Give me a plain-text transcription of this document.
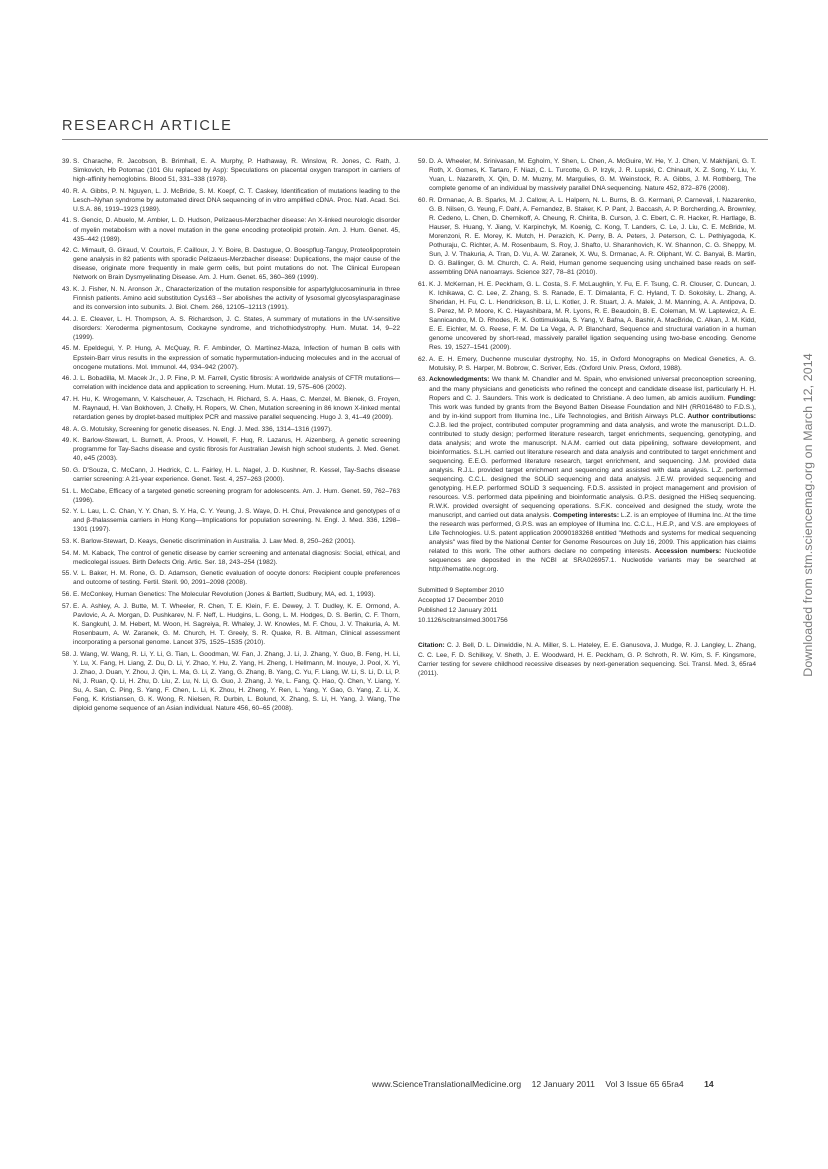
RESEARCH ARTICLE
39. S. Charache, R. Jacobson, B. Brimhall, E. A. Murphy, P. Hathaway, R. Winslow, R. Jones, C. Rath, J. Simkovich, Hb Potomac (101 Glu replaced by Asp): Speculations on placental oxygen transport in carriers of high-affinity hemoglobins. Blood 51, 331–338 (1978).
40. R. A. Gibbs, P. N. Nguyen, L. J. McBride, S. M. Koepf, C. T. Caskey, Identification of mutations leading to the Lesch–Nyhan syndrome by automated direct DNA sequencing of in vitro amplified cDNA. Proc. Natl. Acad. Sci. U.S.A. 86, 1919–1923 (1989).
41. S. Gencic, D. Abuelo, M. Ambler, L. D. Hudson, Pelizaeus-Merzbacher disease: An X-linked neurologic disorder of myelin metabolism with a novel mutation in the gene encoding proteolipid protein. Am. J. Hum. Genet. 45, 435–442 (1989).
42. C. Mimault, G. Giraud, V. Courtois, F. Cailloux, J. Y. Boire, B. Dastugue, O. Boespflug-Tanguy, Proteolipoprotein gene analysis in 82 patients with sporadic Pelizaeus-Merzbacher disease: Duplications, the major cause of the disease, originate more frequently in male germ cells, but point mutations do not. The Clinical European Network on Brain Dysmyelinating Disease. Am. J. Hum. Genet. 65, 360–369 (1999).
43. K. J. Fisher, N. N. Aronson Jr., Characterization of the mutation responsible for aspartylglucosaminuria in three Finnish patients. Amino acid substitution Cys163→Ser abolishes the activity of lysosomal glycosylasparaginase and its conversion into subunits. J. Biol. Chem. 266, 12105–12113 (1991).
44. J. E. Cleaver, L. H. Thompson, A. S. Richardson, J. C. States, A summary of mutations in the UV-sensitive disorders: Xeroderma pigmentosum, Cockayne syndrome, and trichothiodystrophy. Hum. Mutat. 14, 9–22 (1999).
45. M. Epeldegui, Y. P. Hung, A. McQuay, R. F. Ambinder, O. Martínez-Maza, Infection of human B cells with Epstein-Barr virus results in the expression of somatic hypermutation-inducing molecules and in the accrual of oncogene mutations. Mol. Immunol. 44, 934–942 (2007).
46. J. L. Bobadilla, M. Macek Jr., J. P. Fine, P. M. Farrell, Cystic fibrosis: A worldwide analysis of CFTR mutations—correlation with incidence data and application to screening. Hum. Mutat. 19, 575–606 (2002).
47. H. Hu, K. Wrogemann, V. Kalscheuer, A. Tzschach, H. Richard, S. A. Haas, C. Menzel, M. Bienek, G. Froyen, M. Raynaud, H. Van Bokhoven, J. Chelly, H. Ropers, W. Chen, Mutation screening in 86 known X-linked mental retardation genes by droplet-based multiplex PCR and massive parallel sequencing. Hugo J. 3, 41–49 (2009).
48. A. G. Motulsky, Screening for genetic diseases. N. Engl. J. Med. 336, 1314–1316 (1997).
49. K. Barlow-Stewart, L. Burnett, A. Proos, V. Howell, F. Huq, R. Lazarus, H. Aizenberg, A genetic screening programme for Tay-Sachs disease and cystic fibrosis for Australian Jewish high school students. J. Med. Genet. 40, e45 (2003).
50. G. D'Souza, C. McCann, J. Hedrick, C. L. Fairley, H. L. Nagel, J. D. Kushner, R. Kessel, Tay-Sachs disease carrier screening: A 21-year experience. Genet. Test. 4, 257–263 (2000).
51. L. McCabe, Efficacy of a targeted genetic screening program for adolescents. Am. J. Hum. Genet. 59, 762–763 (1996).
52. Y. L. Lau, L. C. Chan, Y. Y. Chan, S. Y. Ha, C. Y. Yeung, J. S. Waye, D. H. Chui, Prevalence and genotypes of α and β-thalassemia carriers in Hong Kong—Implications for population screening. N. Engl. J. Med. 336, 1298–1301 (1997).
53. K. Barlow-Stewart, D. Keays, Genetic discrimination in Australia. J. Law Med. 8, 250–262 (2001).
54. M. M. Kaback, The control of genetic disease by carrier screening and antenatal diagnosis: Social, ethical, and medicolegal issues. Birth Defects Orig. Artic. Ser. 18, 243–254 (1982).
55. V. L. Baker, H. M. Rone, G. D. Adamson, Genetic evaluation of oocyte donors: Recipient couple preferences and outcome of testing. Fertil. Steril. 90, 2091–2098 (2008).
56. E. McConkey, Human Genetics: The Molecular Revolution (Jones & Bartlett, Sudbury, MA, ed. 1, 1993).
57. E. A. Ashley, A. J. Butte, M. T. Wheeler, R. Chen, T. E. Klein, F. E. Dewey, J. T. Dudley, K. E. Ormond, A. Pavlovic, A. A. Morgan, D. Pushkarev, N. F. Neff, L. Hudgins, L. Gong, L. M. Hodges, D. S. Berlin, C. F. Thorn, K. Sangkuhl, J. M. Hebert, M. Woon, H. Sagreiya, R. Whaley, J. W. Knowles, M. F. Chou, J. V. Thakuria, A. M. Rosenbaum, A. W. Zaranek, G. M. Church, H. T. Greely, S. R. Quake, R. B. Altman, Clinical assessment incorporating a personal genome. Lancet 375, 1525–1535 (2010).
58. J. Wang, W. Wang, R. Li, Y. Li, G. Tian, L. Goodman, W. Fan, J. Zhang, J. Li, J. Zhang, Y. Guo, B. Feng, H. Li, Y. Lu, X. Fang, H. Liang, Z. Du, D. Li, Y. Zhao, Y. Hu, Z. Yang, H. Zheng, I. Hellmann, M. Inouye, J. Pool, X. Yi, J. Zhao, J. Duan, Y. Zhou, J. Qin, L. Ma, G. Li, Z. Yang, G. Zhang, B. Yang, C. Yu, F. Liang, W. Li, S. Li, D. Li, P. Ni, J. Ruan, Q. Li, H. Zhu, D. Liu, Z. Lu, N. Li, G. Guo, J. Zhang, J. Ye, L. Fang, Q. Hao, Q. Chen, Y. Liang, Y. Su, A. San, C. Ping, S. Yang, F. Chen, L. Li, K. Zhou, H. Zheng, Y. Ren, L. Yang, Y. Gao, G. Yang, Z. Li, X. Feng, K. Kristiansen, G. K. Wong, R. Nielsen, R. Durbin, L. Bolund, X. Zhang, S. Li, H. Yang, J. Wang, The diploid genome sequence of an Asian individual. Nature 456, 60–65 (2008).
59. D. A. Wheeler, M. Srinivasan, M. Egholm, Y. Shen, L. Chen, A. McGuire, W. He, Y. J. Chen, V. Makhijani, G. T. Roth, X. Gomes, K. Tartaro, F. Niazi, C. L. Turcotte, G. P. Irzyk, J. R. Lupski, C. Chinault, X. Z. Song, Y. Liu, Y. Yuan, L. Nazareth, X. Qin, D. M. Muzny, M. Margulies, G. M. Weinstock, R. A. Gibbs, J. M. Rothberg, The complete genome of an individual by massively parallel DNA sequencing. Nature 452, 872–876 (2008).
60. R. Drmanac, A. B. Sparks, M. J. Callow, A. L. Halpern, N. L. Burns, B. G. Kermani, P. Carnevali, I. Nazarenko, G. B. Nilsen, G. Yeung, F. Dahl, A. Fernandez, B. Staker, K. P. Pant, J. Baccash, A. P. Borcherding, A. Brownley, R. Cedeno, L. Chen, D. Chernikoff, A. Cheung, R. Chirita, B. Curson, J. C. Ebert, C. R. Hacker, R. Hartlage, B. Hauser, S. Huang, Y. Jiang, V. Karpinchyk, M. Koenig, C. Kong, T. Landers, C. Le, J. Liu, C. E. McBride, M. Morenzoni, R. E. Morey, K. Mutch, H. Perazich, K. Perry, B. A. Peters, J. Peterson, C. L. Pethiyagoda, K. Pothuraju, C. Richter, A. M. Rosenbaum, S. Roy, J. Shafto, U. Sharanhovich, K. W. Shannon, C. G. Sheppy, M. Sun, J. V. Thakuria, A. Tran, D. Vu, A. W. Zaranek, X. Wu, S. Drmanac, A. R. Oliphant, W. C. Banyai, B. Martin, D. G. Ballinger, G. M. Church, C. A. Reid, Human genome sequencing using unchained base reads on self-assembling DNA nanoarrays. Science 327, 78–81 (2010).
61. K. J. McKernan, H. E. Peckham, G. L. Costa, S. F. McLaughlin, Y. Fu, E. F. Tsung, C. R. Clouser, C. Duncan, J. K. Ichikawa, C. C. Lee, Z. Zhang, S. S. Ranade, E. T. Dimalanta, F. C. Hyland, T. D. Sokolsky, L. Zhang, A. Sheridan, H. Fu, C. L. Hendrickson, B. Li, L. Kotler, J. R. Stuart, J. A. Malek, J. M. Manning, A. A. Antipova, D. S. Perez, M. P. Moore, K. C. Hayashibara, M. R. Lyons, R. E. Beaudoin, B. E. Coleman, M. W. Laptewicz, A. E. Sannicandro, M. D. Rhodes, R. K. Gottimukkala, S. Yang, V. Bafna, A. Bashir, A. MacBride, C. Alkan, J. M. Kidd, E. E. Eichler, M. G. Reese, F. M. De La Vega, A. P. Blanchard, Sequence and structural variation in a human genome uncovered by short-read, massively parallel ligation sequencing using two-base encoding. Genome Res. 19, 1527–1541 (2009).
62. A. E. H. Emery, Duchenne muscular dystrophy, No. 15, in Oxford Monographs on Medical Genetics, A. G. Motulsky, P. S. Harper, M. Bobrow, C. Scriver, Eds. (Oxford Univ. Press, Oxford, 1988).
63. Acknowledgments: We thank M. Chandler and M. Spain, who envisioned universal preconception screening, and the many physicians and geneticists who refined the concept and candidate disease list, particularly H. H. Ropers and C. J. Saunders. This work is dedicated to Christiane. A deo lumen, ab amicis auxilium. Funding: This work was funded by grants from the Beyond Batten Disease Foundation and NIH (RR016480 to F.D.S.), and by in-kind support from Illumina Inc., Life Technologies, and British Airways PLC. Author contributions: C.J.B. led the project, contributed computer programming and data analysis, and wrote the manuscript. D.L.D. contributed to study design; performed literature research, target enrichments, sequencing, genotyping, and data analysis; and wrote the manuscript. N.A.M. carried out data pipelining, software development, and bioinformatics. S.L.H. carried out literature research and data analysis and contributed to target enrichment and sequencing. E.E.G. performed literature research, target enrichment, and sequencing. J.M. provided data analysis. R.J.L. provided target enrichment and sequencing and assisted with data analysis. L.Z. performed sequencing. C.C.L. designed the SOLiD sequencing and data analysis. J.E.W. provided sequencing and genotyping. H.E.P. performed SOLiD 3 sequencing. F.D.S. assisted in project management and provision of resources. V.S. performed data pipelining and bioinformatic analysis. G.P.S. designed the HiSeq sequencing. R.W.K. provided oversight of sequencing operations. S.F.K. conceived and designed the study, wrote the manuscript, and carried out data analysis. Competing interests: L.Z. is an employee of Illumina Inc. At the time the research was performed, G.P.S. was an employee of Illumina Inc. C.C.L., H.E.P., and V.S. are employees of Life Technologies. U.S. patent application 20090183268 entitled "Methods and systems for medical sequencing analysis" was filed by the National Center for Genome Resources on July 16, 2009. This application has claims related to this work. The other authors declare no competing interests. Accession numbers: Nucleotide sequences are deposited in the NCBI at SRA026957.1. Nucleotide variants may be searched at http://hematite.ncgr.org.
Submitted 9 September 2010
Accepted 17 December 2010
Published 12 January 2011
10.1126/scitranslmed.3001756
Citation: C. J. Bell, D. L. Dinwiddie, N. A. Miller, S. L. Hateley, E. E. Ganusova, J. Mudge, R. J. Langley, L. Zhang, C. C. Lee, F. D. Schilkey, V. Sheth, J. E. Woodward, H. E. Peckham, G. P. Schroth, R. W. Kim, S. F. Kingsmore, Carrier testing for severe childhood recessive diseases by next-generation sequencing. Sci. Transl. Med. 3, 65ra4 (2011).	Downloaded from stm.sciencemag.org on March 12, 2014
www.ScienceTranslationalMedicine.org 12 January 2011 Vol 3 Issue 65 65ra4 14
